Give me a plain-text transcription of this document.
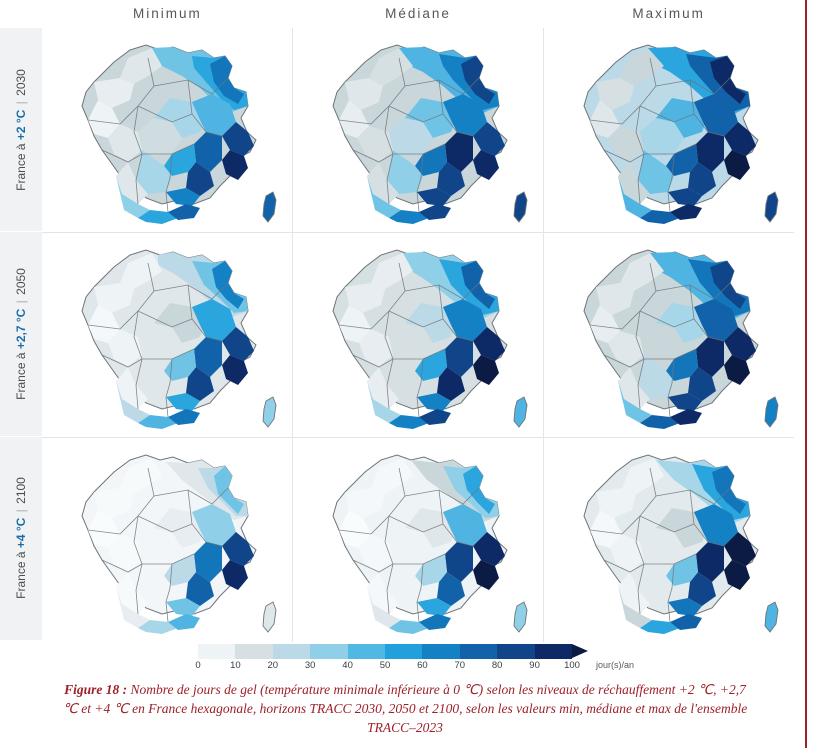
France à +2 °C | 2030
France à +2,7 °C | 2050
France à +4 °C | 2100
Minimum	Médiane	Maximum
0	10	20	30	40	50	60	70	80	90	100 jour(s)/an
Figure 18 : Nombre de jours de gel (température minimale inférieure à 0 ℃) selon les niveaux de réchauffement +2 ℃, +2,7 ℃ et +4 ℃ en France hexagonale, horizons TRACC 2030, 2050 et 2100, selon les valeurs min, médiane et max de l'ensemble TRACC–2023
